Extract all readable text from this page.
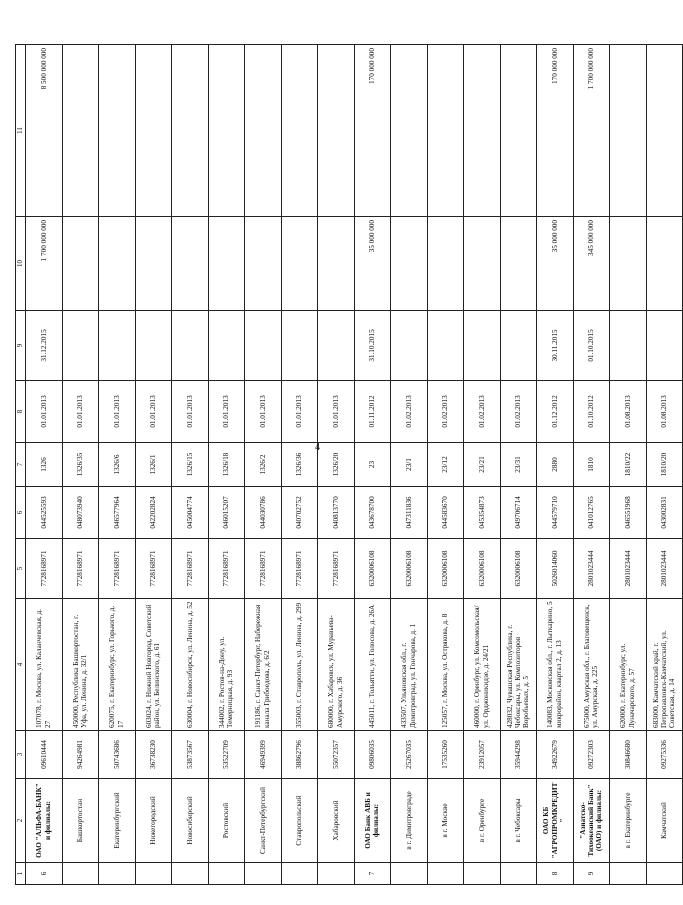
4
1	2	3	4	5	6	7	8	9	10	11
6	ОАО "АЛЬФА-БАНК" и филиалы:	09610444	107078, г. Москва, ул. Каланчевская, д. 27	7728168971	044525593	1326	01.01.2013	31.12.2015	1 700 000 000	8 500 000 000
	Башкортостан	94264981	450000, Республика Башкортостан, г. Уфа, ул. Ленина, д. 32/1	7728168971	048073940	1326/35	01.01.2013			
	Екатеринбургский	50743686	620075, г. Екатеринбург, ул. Горького, д. 17	7728168971	046577964	1326/6	01.01.2013			
	Нижегородский	36738230	603024, г. Нижний Новгород, Советский район, ул. Белинского, д. 61	7728168971	042202824	1326/1	01.01.2013			
	Новосибирский	53873567	630004, г. Новосибирск, ул. Ленина, д. 52	7728168971	045004774	1326/15	01.01.2013			
	Ростовский	53522709	344002, г. Ростов-на-Дону, ул. Темерницкая, д. 93	7728168971	046015207	1326/18	01.01.2013			
	Санкт-Петербургский	46949399	191186, г. Санкт-Петербург, Набережная канала Грибоедова, д. 6/2	7728168971	044030786	1326/2	01.01.2013			
	Ставропольский	38862796	355003, г. Ставрополь, ул. Ленина, д. 299	7728168971	040702752	1326/36	01.01.2013			
	Хабаровский	55072357	680000, г. Хабаровск, ул. Муравьева-Амурского, д. 36	7728168971	040813770	1326/20	01.01.2013			
7	ОАО Банк АВБ и филиалы:	09806035	445011, г. Тольятти, ул. Голосова, д. 26А	6320006108	043678700	23	01.11.2012	31.10.2015	35 000 000	170 000 000
	в г. Димитровграде	25267035	433507, Ульяновская обл., г. Димитровград, ул. Гончарова, д. 1	6320006108	047311836	23/1	01.02.2013			
	в г. Москве	17535260	125057, г. Москва, ул. Острякова, д. 8	6320006108	044583670	23/12	01.02.2013			
	в г. Оренбурге	23912057	460000, г. Оренбург, ул. Комсомольская/ ул. Орджоникидзе, д. 24/21	6320006108	045354873	23/21	01.02.2013			
	в г. Чебоксары	35944298	428032, Чувашская Республика, г. Чебоксары, ул. Композиторов Воробьевых, д. 5	6320006108	049706714	23/31	01.02.2013			
8	ОАО КБ "АГРОПРОМКРЕДИТ"	34922679	140083, Московская обл., г. Лыткарино, 5 микрорайон, квартал 2, д. 13	5026014060	044579710	2880	01.12.2012	30.11.2015	35 000 000	170 000 000
9	"Азиатско-Тихоокеанский Банк" (ОАО) и филиалы:	09272303	675000, Амурская обл., г. Благовещенск, ул. Амурская, д. 225	2801023444	041012765	1810	01.10.2012	01.10.2015	345 000 000	1 700 000 000
	в г. Екатеринбурге	30846680	620000, г. Екатеринбург, ул. Луначарского, д. 57	2801023444	046551968	1810/22	01.08.2013			
	Камчатский	09275336	683000, Камчатский край, г. Петропавловск-Камчатский, ул. Советская, д. 14	2801023444	043002831	1810/20	01.08.2013			
